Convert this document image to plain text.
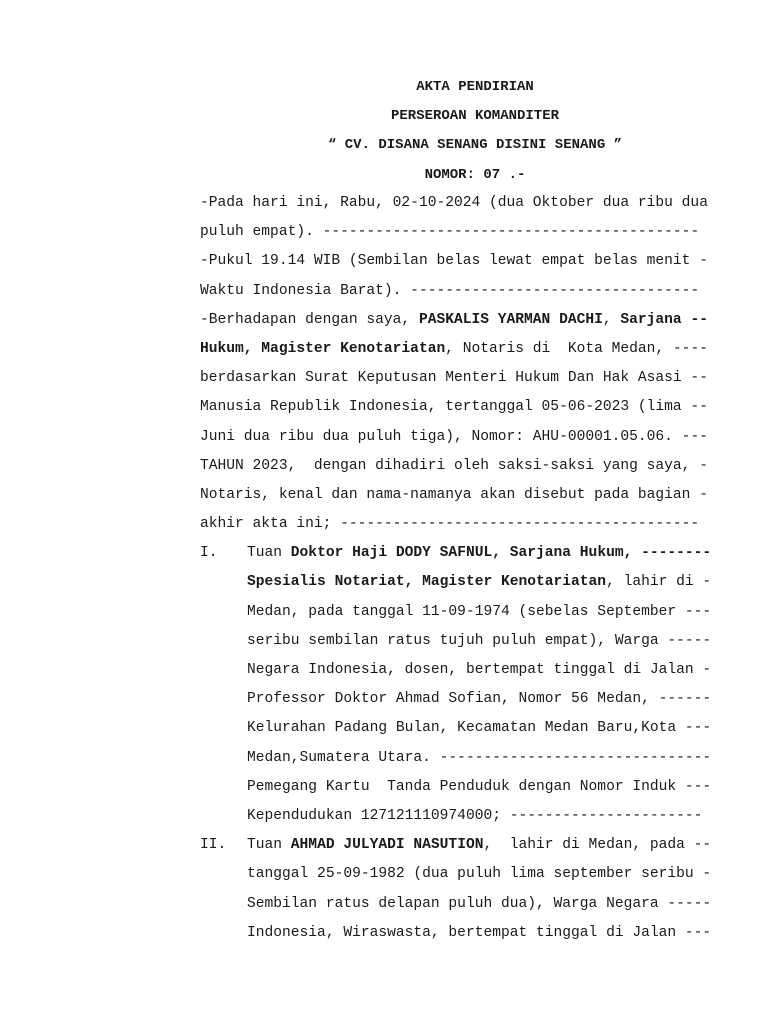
AKTA PENDIRIAN
PERSEROAN KOMANDITER
“ CV. DISANA SENANG DISINI SENANG ”
NOMOR: 07 .-
-Pada hari ini, Rabu, 02-10-2024 (dua Oktober dua ribu dua
puluh empat). -------------------------------------------
-Pukul 19.14 WIB (Sembilan belas lewat empat belas menit -
Waktu Indonesia Barat). ---------------------------------
-Berhadapan dengan saya, PASKALIS YARMAN DACHI, Sarjana --
Hukum, Magister Kenotariatan, Notaris di  Kota Medan, ----
berdasarkan Surat Keputusan Menteri Hukum Dan Hak Asasi --
Manusia Republik Indonesia, tertanggal 05-06-2023 (lima --
Juni dua ribu dua puluh tiga), Nomor: AHU-00001.05.06. ---
TAHUN 2023,  dengan dihadiri oleh saksi-saksi yang saya, -
Notaris, kenal dan nama-namanya akan disebut pada bagian -
akhir akta ini; -----------------------------------------
I. Tuan Doktor Haji DODY SAFNUL, Sarjana Hukum, --------
Spesialis Notariat, Magister Kenotariatan, lahir di -
Medan, pada tanggal 11-09-1974 (sebelas September ---
seribu sembilan ratus tujuh puluh empat), Warga -----
Negara Indonesia, dosen, bertempat tinggal di Jalan -
Professor Doktor Ahmad Sofian, Nomor 56 Medan, ------
Kelurahan Padang Bulan, Kecamatan Medan Baru,Kota ---
Medan,Sumatera Utara. -------------------------------
Pemegang Kartu  Tanda Penduduk dengan Nomor Induk ---
Kependudukan 127121110974000; ----------------------
II. Tuan AHMAD JULYADI NASUTION,  lahir di Medan, pada --
tanggal 25-09-1982 (dua puluh lima september seribu -
Sembilan ratus delapan puluh dua), Warga Negara -----
Indonesia, Wiraswasta, bertempat tinggal di Jalan ---
